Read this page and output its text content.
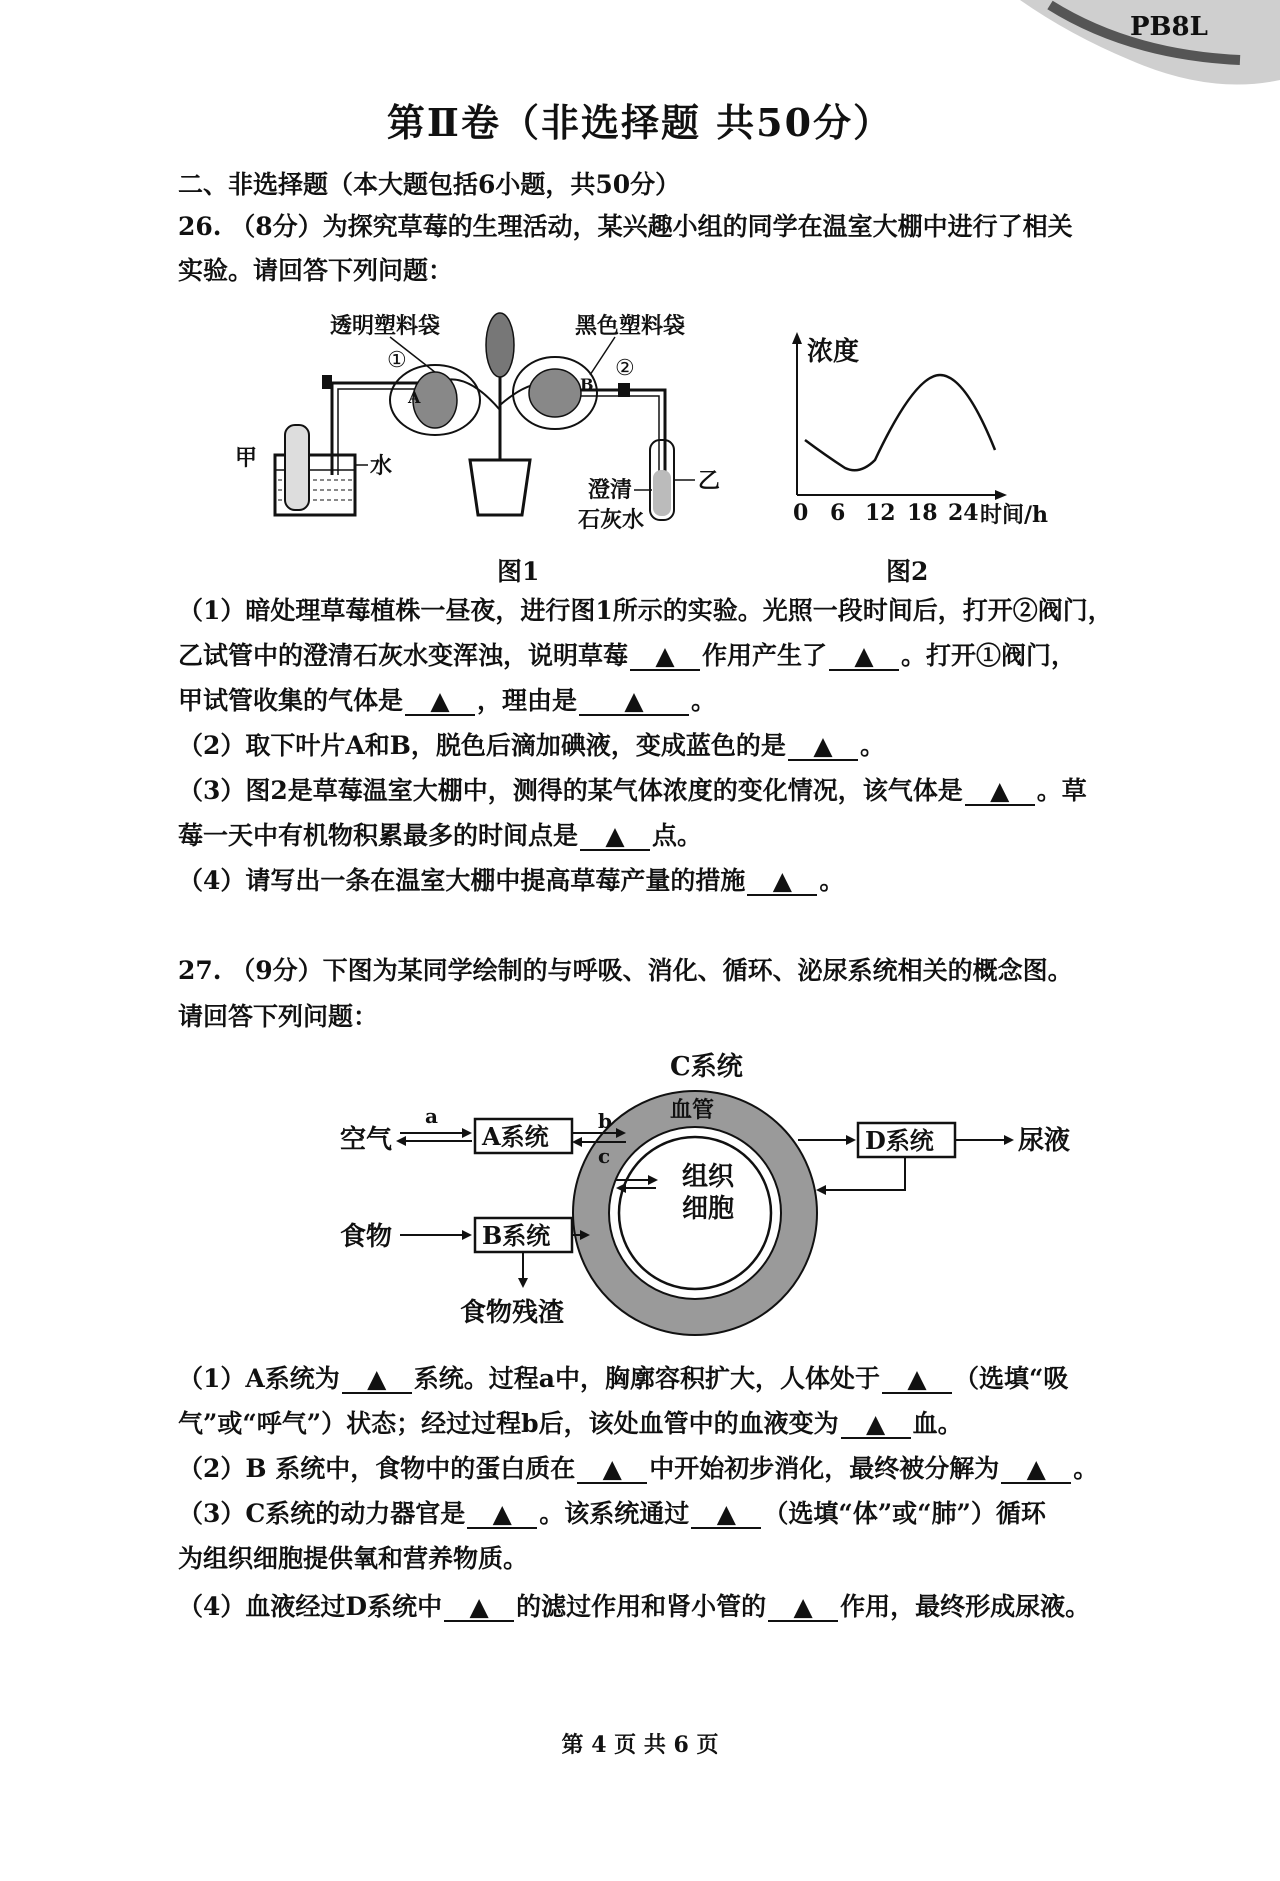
PB8L
第Ⅱ卷（非选择题 共50分）
二、非选择题（本大题包括6小题，共50分）
26. （8分）为探究草莓的生理活动，某兴趣小组的同学在温室大棚中进行了相关
实验。请回答下列问题：
透明塑料袋	黑色塑料袋
①	②
甲	水
A
B
乙
澄清
石灰水
图1
浓度
0 6 12 18 24 时间/h
图2
（1）暗处理草莓植株一昼夜，进行图1所示的实验。光照一段时间后，打开②阀门，
乙试管中的澄清石灰水变浑浊，说明草莓 ▲ 作用产生了 ▲ 。打开①阀门，
甲试管收集的气体是 ▲ ，理由是 ▲ 。
（2）取下叶片A和B，脱色后滴加碘液，变成蓝色的是 ▲ 。
（3）图2是草莓温室大棚中，测得的某气体浓度的变化情况，该气体是 ▲ 。草
莓一天中有机物积累最多的时间点是 ▲ 点。
（4）请写出一条在温室大棚中提高草莓产量的措施 ▲ 。
27. （9分）下图为某同学绘制的与呼吸、消化、循环、泌尿系统相关的概念图。
请回答下列问题：
C系统
血管
组织
细胞
空气
a
A系统
b
c
D系统	尿液
食物	B系统
食物残渣
（1）A系统为 ▲ 系统。过程a中，胸廓容积扩大，人体处于 ▲ （选填“吸
气”或“呼气”）状态；经过过程b后，该处血管中的血液变为 ▲ 血。
（2）B 系统中，食物中的蛋白质在 ▲ 中开始初步消化，最终被分解为 ▲ 。
（3）C系统的动力器官是 ▲ 。该系统通过 ▲ （选填“体”或“肺”）循环
为组织细胞提供氧和营养物质。
（4）血液经过D系统中 ▲ 的滤过作用和肾小管的 ▲ 作用，最终形成尿液。
第 4 页 共 6 页
